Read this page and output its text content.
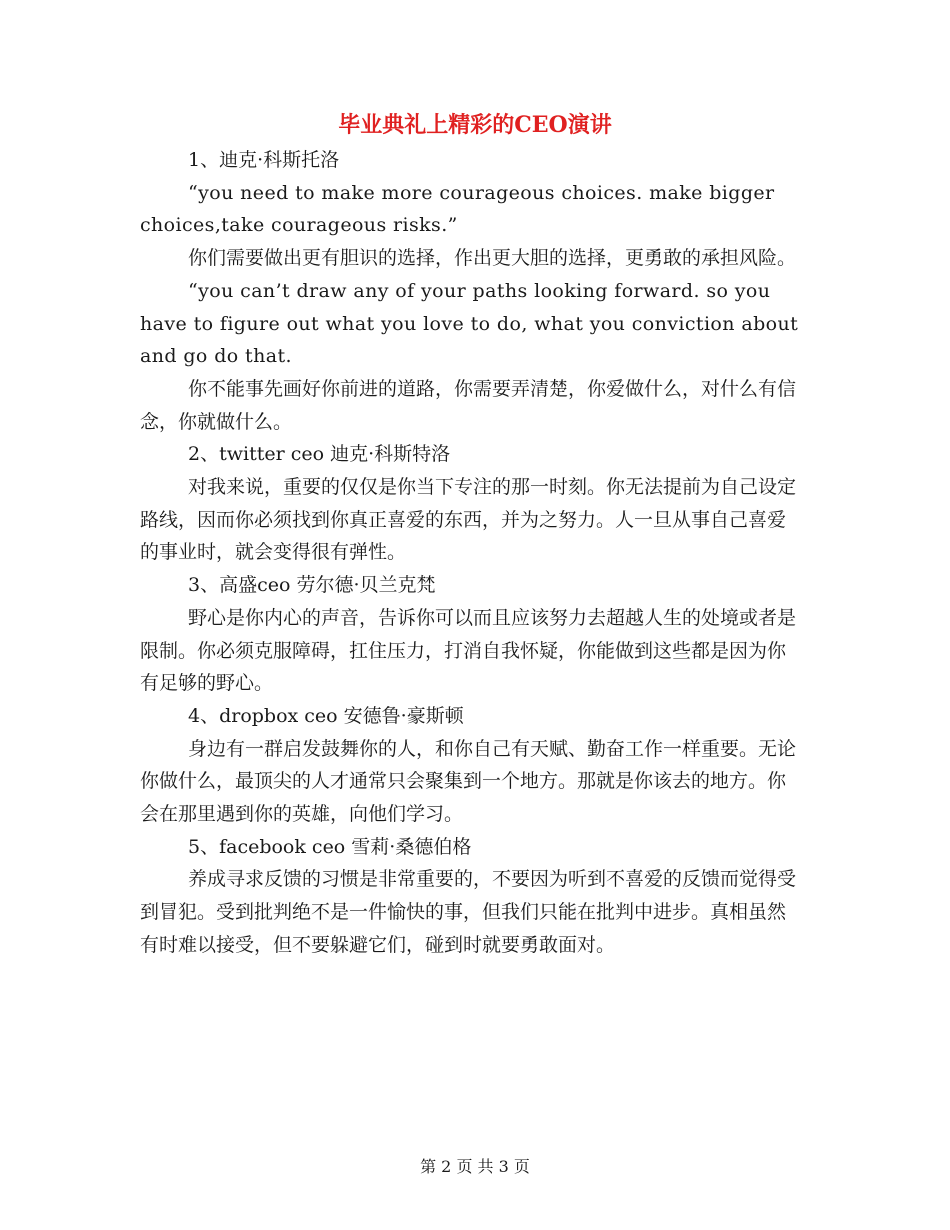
毕业典礼上精彩的CEO演讲

1、迪克·科斯托洛

“you need to make more courageous choices. make bigger choices,take courageous risks.”

你们需要做出更有胆识的选择，作出更大胆的选择，更勇敢的承担风险。

“you can’t draw any of your paths looking forward. so you have to figure out what you love to do, what you conviction about and go do that.

你不能事先画好你前进的道路，你需要弄清楚，你爱做什么，对什么有信念，你就做什么。

2、twitter ceo 迪克·科斯特洛

对我来说，重要的仅仅是你当下专注的那一时刻。你无法提前为自己设定路线，因而你必须找到你真正喜爱的东西，并为之努力。人一旦从事自己喜爱的事业时，就会变得很有弹性。

3、高盛ceo 劳尔德·贝兰克梵

野心是你内心的声音，告诉你可以而且应该努力去超越人生的处境或者是限制。你必须克服障碍，扛住压力，打消自我怀疑，你能做到这些都是因为你有足够的野心。

4、dropbox ceo 安德鲁·豪斯顿

身边有一群启发鼓舞你的人，和你自己有天赋、勤奋工作一样重要。无论你做什么，最顶尖的人才通常只会聚集到一个地方。那就是你该去的地方。你会在那里遇到你的英雄，向他们学习。

5、facebook ceo 雪莉·桑德伯格

养成寻求反馈的习惯是非常重要的，不要因为听到不喜爱的反馈而觉得受到冒犯。受到批判绝不是一件愉快的事，但我们只能在批判中进步。真相虽然有时难以接受，但不要躲避它们，碰到时就要勇敢面对。

第 2 页 共 3 页
